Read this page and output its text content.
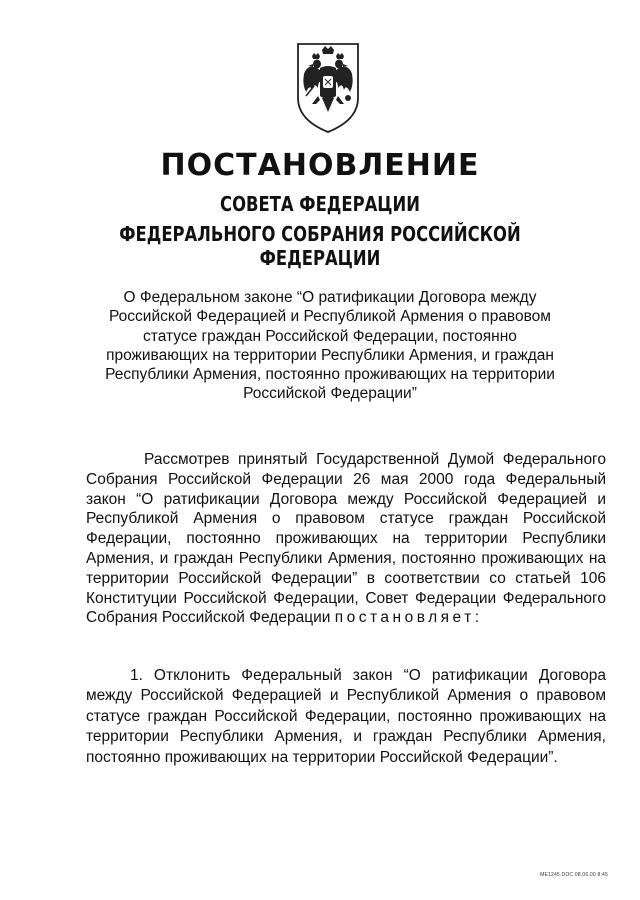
ПОСТАНОВЛЕНИЕ
СОВЕТА ФЕДЕРАЦИИ
ФЕДЕРАЛЬНОГО СОБРАНИЯ РОССИЙСКОЙ ФЕДЕРАЦИИ

О Федеральном законе “О ратификации Договора между Российской Федерацией и Республикой Армения о правовом статусе граждан Российской Федерации, постоянно проживающих на территории Республики Армения, и граждан Республики Армения, постоянно проживающих на территории Российской Федерации”

Рассмотрев принятый Государственной Думой Федерального Собрания Российской Федерации 26 мая 2000 года Федеральный закон “О ратификации Договора между Российской Федерацией и Республикой Армения о правовом статусе граждан Российской Федерации, постоянно проживающих на территории Республики Армения, и граждан Республики Армения, постоянно проживающих на территории Российской Федерации” в соответствии со статьей 106 Конституции Российской Федерации, Совет Федерации Федерального Собрания Российской Федерации постановляет:

1. Отклонить Федеральный закон “О ратификации Договора между Российской Федерацией и Республикой Армения о правовом статусе граждан Российской Федерации, постоянно проживающих на территории Республики Армения, и граждан Республики Армения, постоянно проживающих на территории Российской Федерации”.

ME1245.DOC 08.06.00 8:45
